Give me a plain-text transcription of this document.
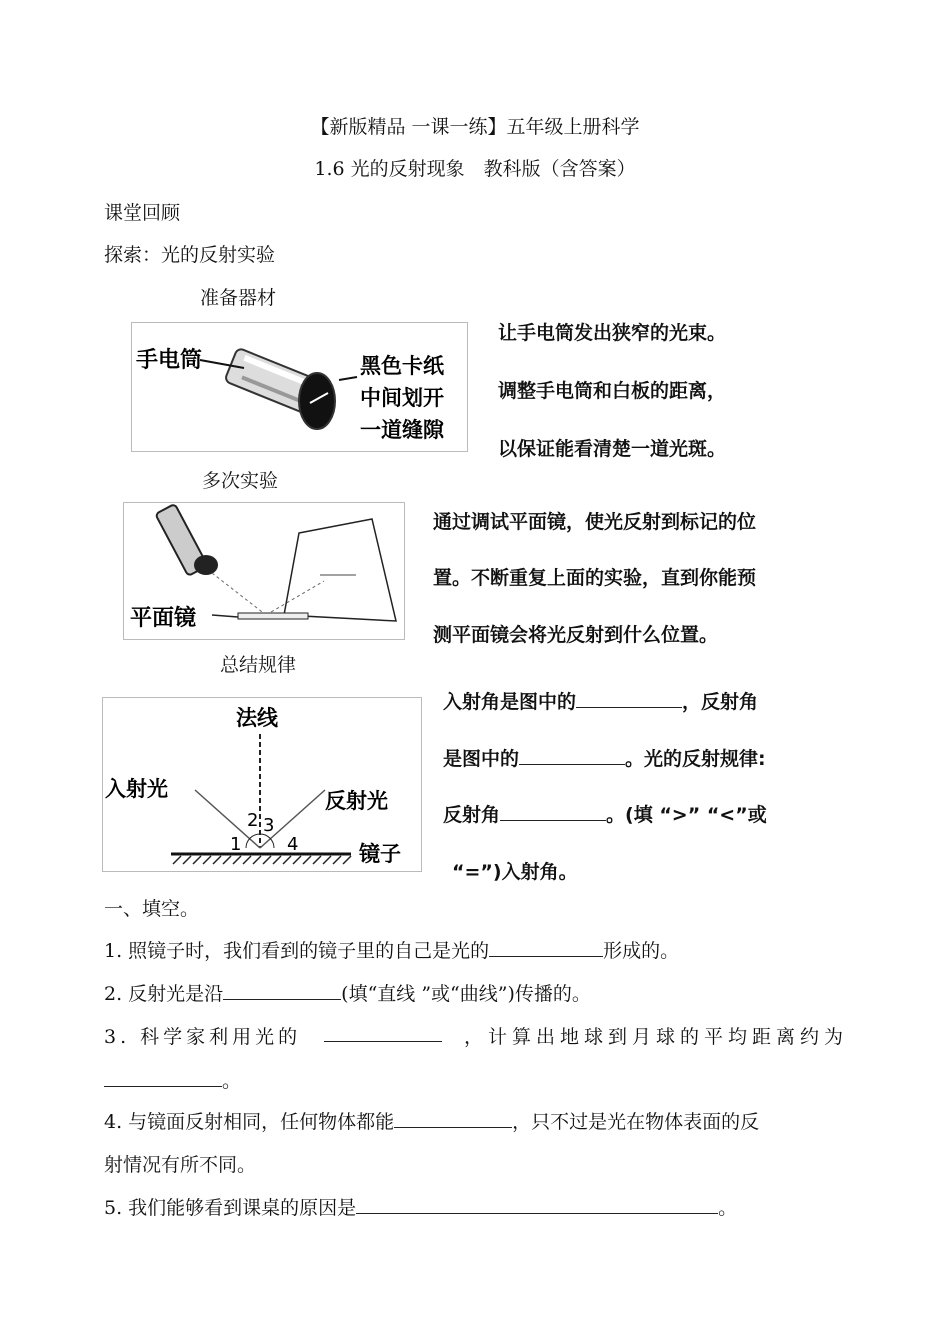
【新版精品 一课一练】五年级上册科学
1.6 光的反射现象　教科版（含答案）
课堂回顾
探索：光的反射实验
准备器材
手电筒	黑色卡纸
中间划开
一道缝隙
让手电筒发出狭窄的光束。
调整手电筒和白板的距离，
以保证能看清楚一道光斑。
多次实验
平面镜
通过调试平面镜，使光反射到标记的位
置。不断重复上面的实验，直到你能预
测平面镜会将光反射到什么位置。
总结规律
法线
入射光	反射光
镜子
1
2 3
4
入射角是图中的	，反射角
是图中的	。光的反射规律:
反射角	。(填 “>” “<”或
“=”)入射角。
一、填空。
1. 照镜子时，我们看到的镜子里的自己是光的	形成的。
2. 反射光是沿	(填“直线 ”或“曲线”)传播的。
3. 科学家利用光的	，计算出地球到月球的平均距离约为
。
4. 与镜面反射相同，任何物体都能	，只不过是光在物体表面的反
射情况有所不同。
5. 我们能够看到课桌的原因是	。
